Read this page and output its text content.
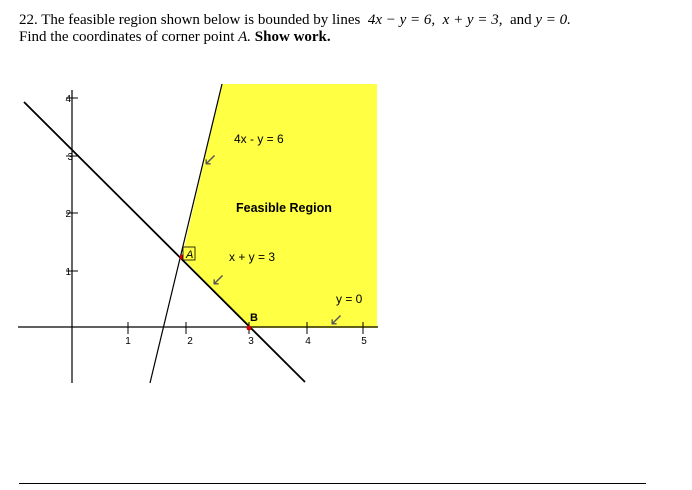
22. The feasible region shown below is bounded by lines 4x − y = 6, x + y = 3, and y = 0.
Find the coordinates of corner point A. Show work.
1	2	3	4	5
1
2
3
4
4x - y = 6
Feasible Region
x + y = 3
y = 0
↙
↙
↙
A
B
